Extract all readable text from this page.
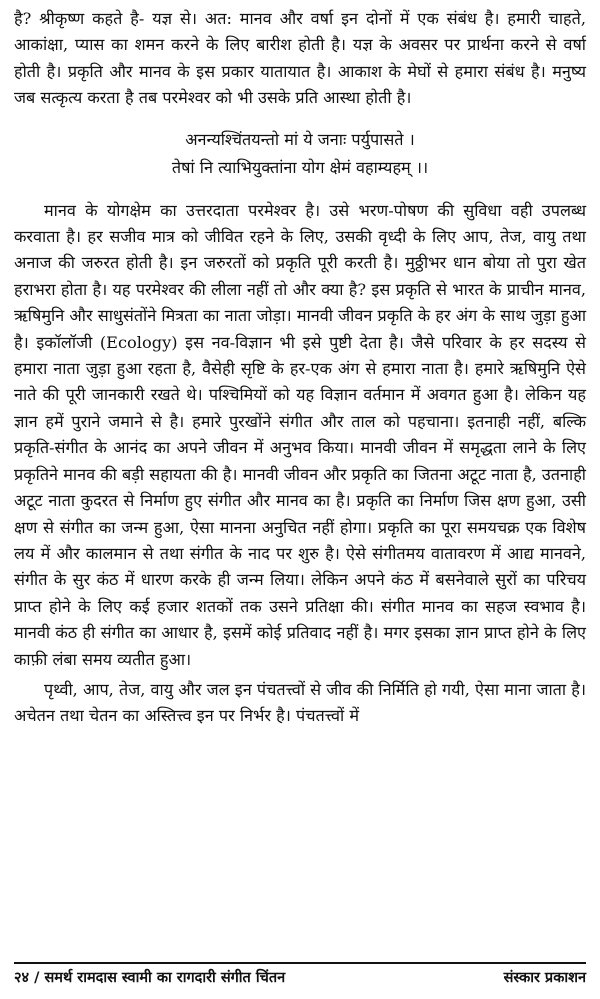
है? श्रीकृष्ण कहते है- यज्ञ से। अत: मानव और वर्षा इन दोनों में एक संबंध है। हमारी चाहते, आकांक्षा, प्यास का शमन करने के लिए बारीश होती है। यज्ञ के अवसर पर प्रार्थना करने से वर्षा होती है। प्रकृति और मानव के इस प्रकार यातायात है। आकाश के मेघों से हमारा संबंध है। मनुष्य जब सत्कृत्य करता है तब परमेश्वर को भी उसके प्रति आस्था होती है।

अनन्यश्चिंतयन्तो मां ये जनाः पर्युपासते ।
तेषां नि त्याभियुक्तांना योग क्षेमं वहाम्यहम् ।।

मानव के योगक्षेम का उत्तरदाता परमेश्वर है। उसे भरण-पोषण की सुविधा वही उपलब्ध करवाता है। हर सजीव मात्र को जीवित रहने के लिए, उसकी वृध्दी के लिए आप, तेज, वायु तथा अनाज की जरुरत होती है। इन जरुरतों को प्रकृति पूरी करती है। मुठ्ठीभर धान बोया तो पुरा खेत हराभरा होता है। यह परमेश्वर की लीला नहीं तो और क्या है? इस प्रकृति से भारत के प्राचीन मानव, ऋषिमुनि और साधुसंतोंने मित्रता का नाता जोड़ा। मानवी जीवन प्रकृति के हर अंग के साथ जुड़ा हुआ है। इकॉलॉजी (Ecology) इस नव-विज्ञान भी इसे पुष्टी देता है। जैसे परिवार के हर सदस्य से हमारा नाता जुड़ा हुआ रहता है, वैसेही सृष्टि के हर-एक अंग से हमारा नाता है। हमारे ऋषिमुनि ऐसे नाते की पूरी जानकारी रखते थे। पश्चिमियों को यह विज्ञान वर्तमान में अवगत हुआ है। लेकिन यह ज्ञान हमें पुराने जमाने से है। हमारे पुरखोंने संगीत और ताल को पहचाना। इतनाही नहीं, बल्कि प्रकृति-संगीत के आनंद का अपने जीवन में अनुभव किया। मानवी जीवन में समृद्धता लाने के लिए प्रकृतिने मानव की बड़ी सहायता की है। मानवी जीवन और प्रकृति का जितना अटूट नाता है, उतनाही अटूट नाता कुदरत से निर्माण हुए संगीत और मानव का है। प्रकृति का निर्माण जिस क्षण हुआ, उसी क्षण से संगीत का जन्म हुआ, ऐसा मानना अनुचित नहीं होगा। प्रकृति का पूरा समयचक्र एक विशेष लय में और कालमान से तथा संगीत के नाद पर शुरु है। ऐसे संगीतमय वातावरण में आद्य मानवने, संगीत के सुर कंठ में धारण करके ही जन्म लिया। लेकिन अपने कंठ में बसनेवाले सुरों का परिचय प्राप्त होने के लिए कई हजार शतकों तक उसने प्रतिक्षा की। संगीत मानव का सहज स्वभाव है। मानवी कंठ ही संगीत का आधार है, इसमें कोई प्रतिवाद नहीं है। मगर इसका ज्ञान प्राप्त होने के लिए काफ़ी लंबा समय व्यतीत हुआ।

पृथ्वी, आप, तेज, वायु और जल इन पंचतत्त्वों से जीव की निर्मिति हो गयी, ऐसा माना जाता है। अचेतन तथा चेतन का अस्तित्त्व इन पर निर्भर है। पंचतत्त्वों में

२४ / समर्थ रामदास स्वामी का रागदारी संगीत चिंतन	संस्कार प्रकाशन
